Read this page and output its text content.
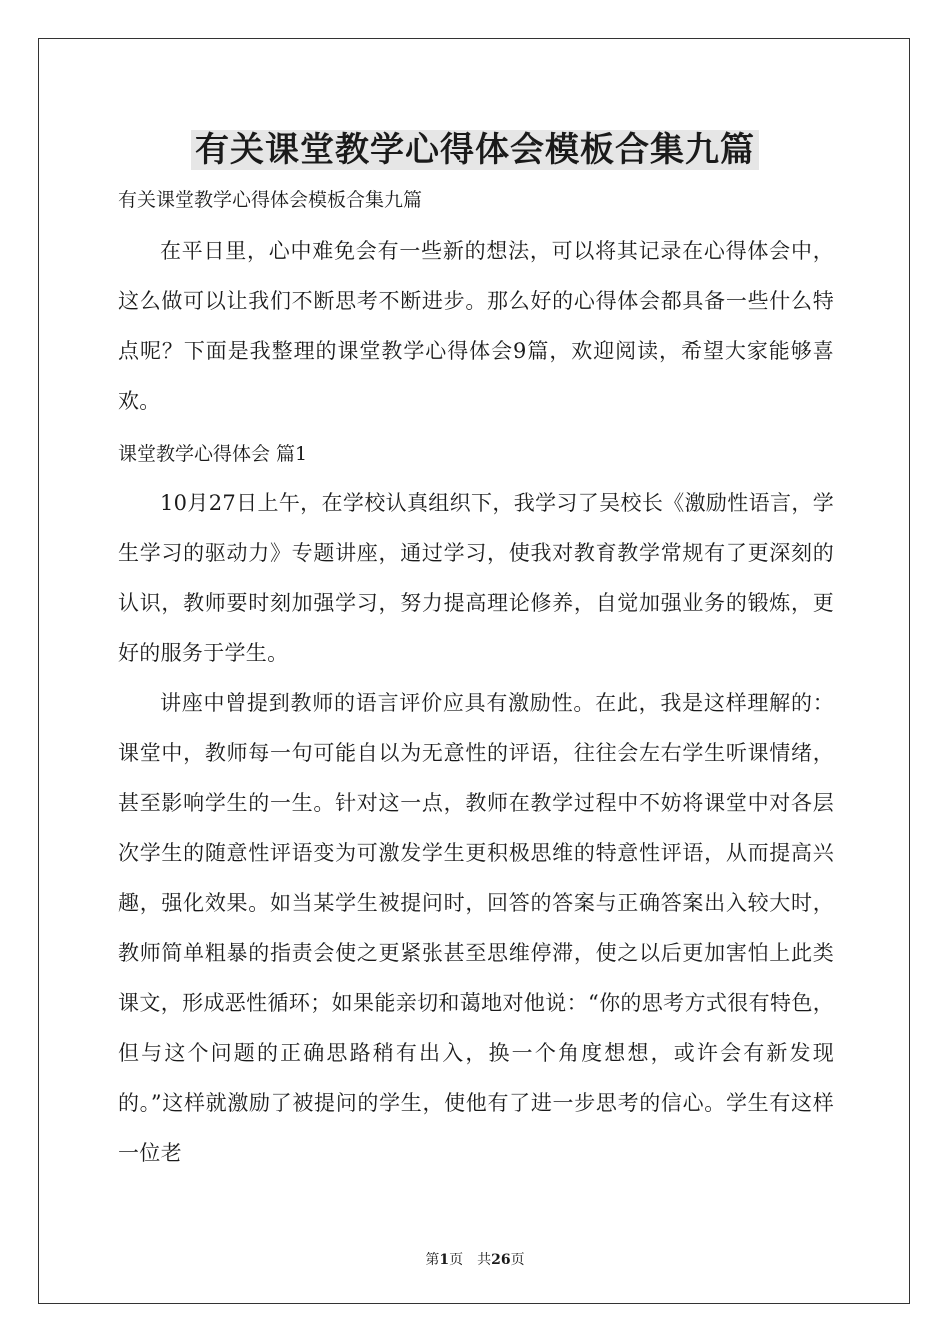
有关课堂教学心得体会模板合集九篇

有关课堂教学心得体会模板合集九篇

在平日里，心中难免会有一些新的想法，可以将其记录在心得体会中，这么做可以让我们不断思考不断进步。那么好的心得体会都具备一些什么特点呢？下面是我整理的课堂教学心得体会9篇，欢迎阅读，希望大家能够喜欢。

课堂教学心得体会 篇1

10月27日上午，在学校认真组织下，我学习了吴校长《激励性语言，学生学习的驱动力》专题讲座，通过学习，使我对教育教学常规有了更深刻的认识，教师要时刻加强学习，努力提高理论修养，自觉加强业务的锻炼，更好的服务于学生。

讲座中曾提到教师的语言评价应具有激励性。在此，我是这样理解的：课堂中，教师每一句可能自以为无意性的评语，往往会左右学生听课情绪，甚至影响学生的一生。针对这一点，教师在教学过程中不妨将课堂中对各层次学生的随意性评语变为可激发学生更积极思维的特意性评语，从而提高兴趣，强化效果。如当某学生被提问时，回答的答案与正确答案出入较大时，教师简单粗暴的指责会使之更紧张甚至思维停滞，使之以后更加害怕上此类课文，形成恶性循环；如果能亲切和蔼地对他说：“你的思考方式很有特色，但与这个问题的正确思路稍有出入，换一个角度想想，或许会有新发现的。”这样就激励了被提问的学生，使他有了进一步思考的信心。学生有这样一位老

第1页 共26页
